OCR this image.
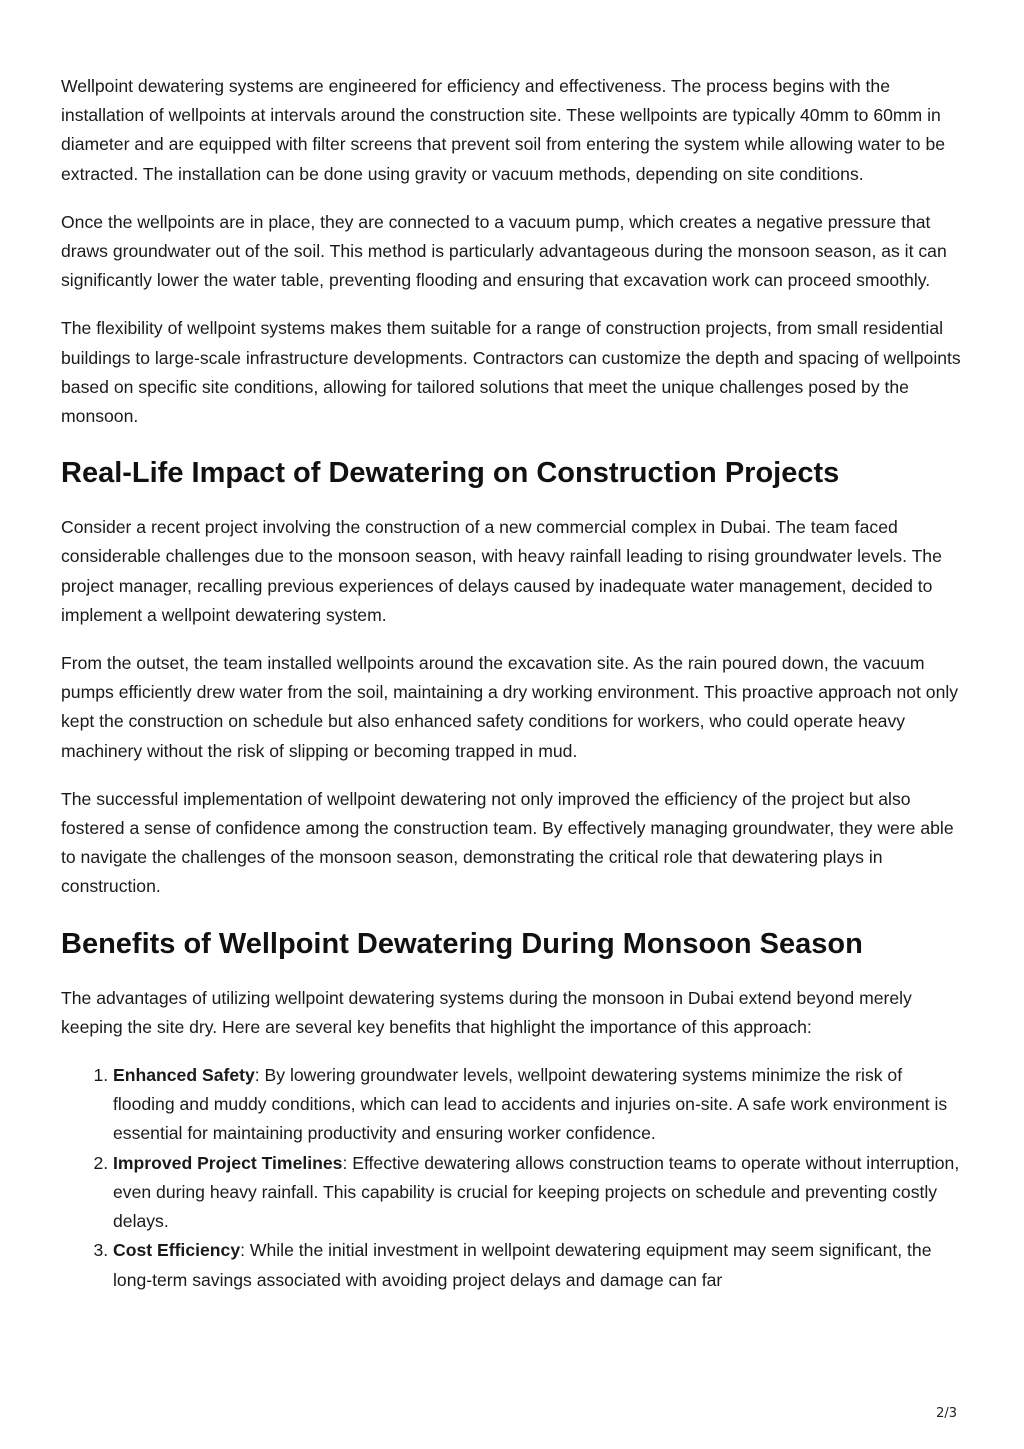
Wellpoint dewatering systems are engineered for efficiency and effectiveness. The process begins with the installation of wellpoints at intervals around the construction site. These wellpoints are typically 40mm to 60mm in diameter and are equipped with filter screens that prevent soil from entering the system while allowing water to be extracted. The installation can be done using gravity or vacuum methods, depending on site conditions.

Once the wellpoints are in place, they are connected to a vacuum pump, which creates a negative pressure that draws groundwater out of the soil. This method is particularly advantageous during the monsoon season, as it can significantly lower the water table, preventing flooding and ensuring that excavation work can proceed smoothly.

The flexibility of wellpoint systems makes them suitable for a range of construction projects, from small residential buildings to large-scale infrastructure developments. Contractors can customize the depth and spacing of wellpoints based on specific site conditions, allowing for tailored solutions that meet the unique challenges posed by the monsoon.

Real-Life Impact of Dewatering on Construction Projects

Consider a recent project involving the construction of a new commercial complex in Dubai. The team faced considerable challenges due to the monsoon season, with heavy rainfall leading to rising groundwater levels. The project manager, recalling previous experiences of delays caused by inadequate water management, decided to implement a wellpoint dewatering system.

From the outset, the team installed wellpoints around the excavation site. As the rain poured down, the vacuum pumps efficiently drew water from the soil, maintaining a dry working environment. This proactive approach not only kept the construction on schedule but also enhanced safety conditions for workers, who could operate heavy machinery without the risk of slipping or becoming trapped in mud.

The successful implementation of wellpoint dewatering not only improved the efficiency of the project but also fostered a sense of confidence among the construction team. By effectively managing groundwater, they were able to navigate the challenges of the monsoon season, demonstrating the critical role that dewatering plays in construction.

Benefits of Wellpoint Dewatering During Monsoon Season

The advantages of utilizing wellpoint dewatering systems during the monsoon in Dubai extend beyond merely keeping the site dry. Here are several key benefits that highlight the importance of this approach:

1. Enhanced Safety: By lowering groundwater levels, wellpoint dewatering systems minimize the risk of flooding and muddy conditions, which can lead to accidents and injuries on-site. A safe work environment is essential for maintaining productivity and ensuring worker confidence.
2. Improved Project Timelines: Effective dewatering allows construction teams to operate without interruption, even during heavy rainfall. This capability is crucial for keeping projects on schedule and preventing costly delays.
3. Cost Efficiency: While the initial investment in wellpoint dewatering equipment may seem significant, the long-term savings associated with avoiding project delays and damage can far
2/3
